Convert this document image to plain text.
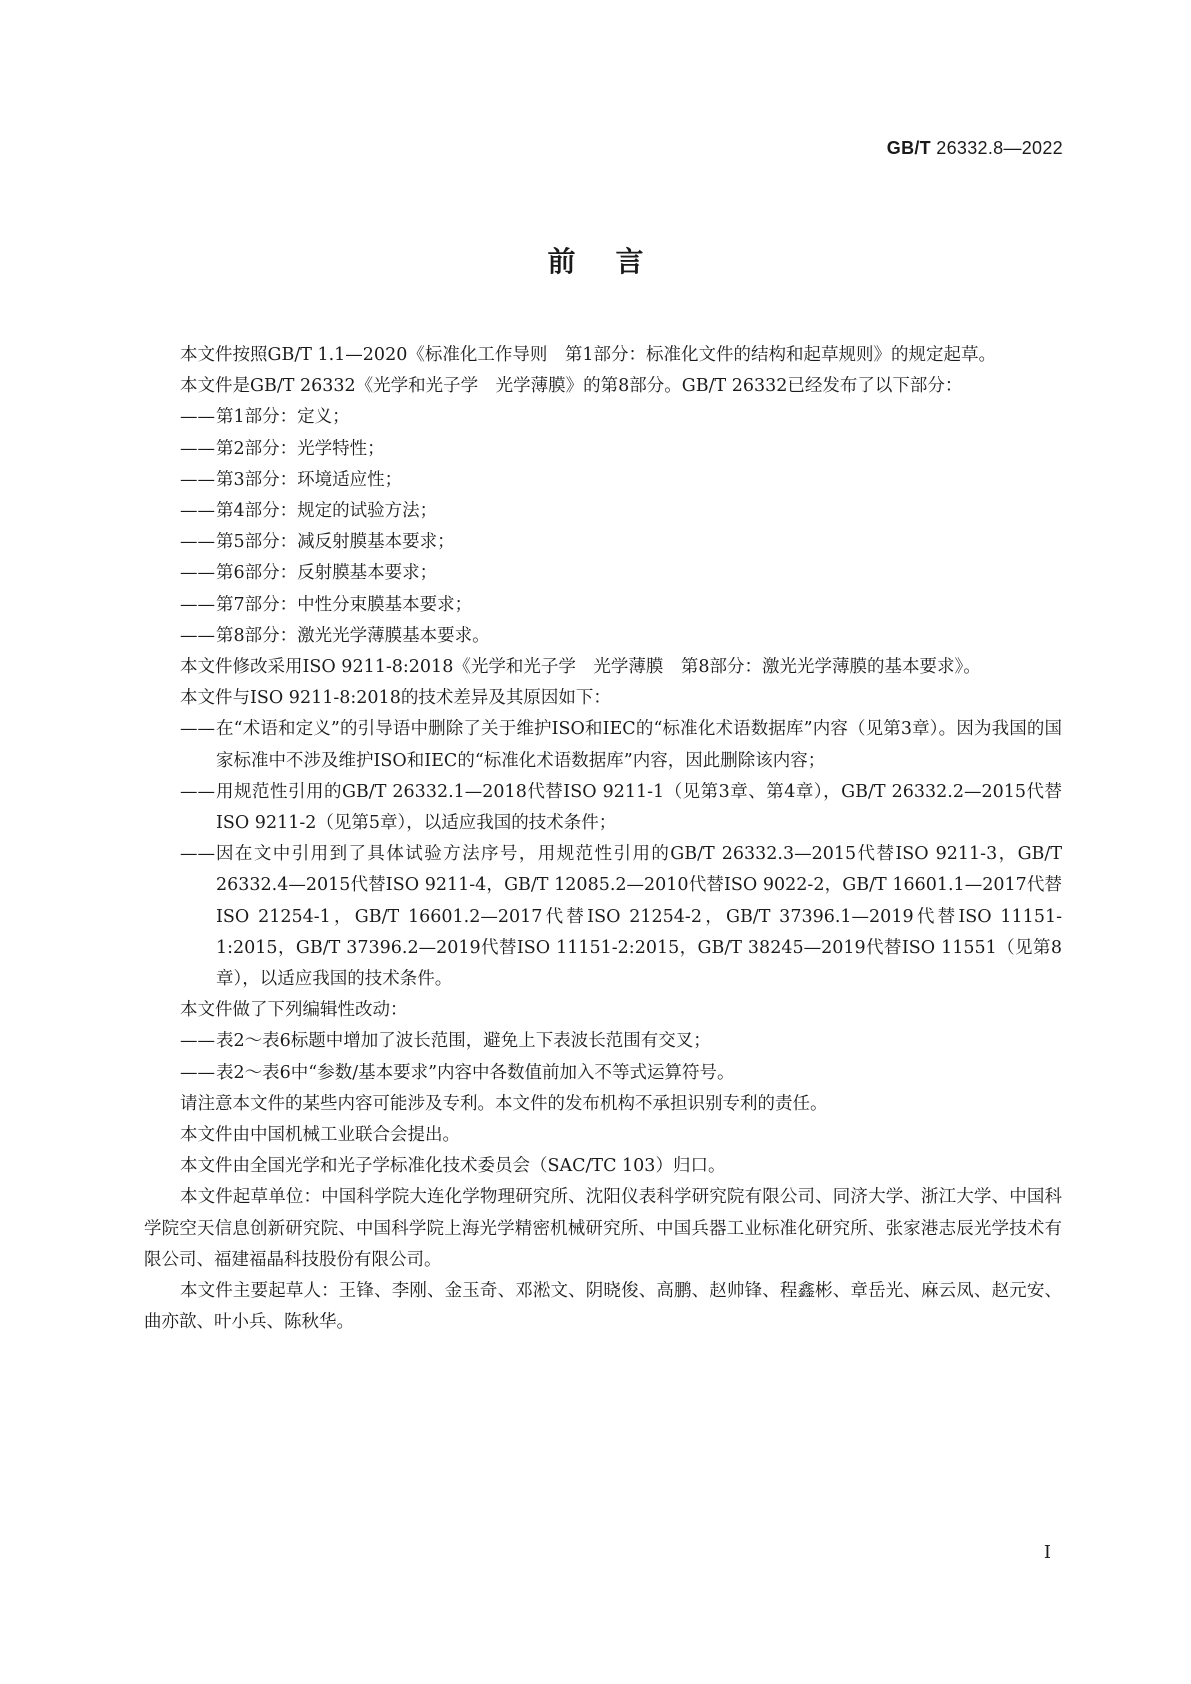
GB/T 26332.8—2022
前言

本文件按照GB/T 1.1—2020《标准化工作导则　第1部分：标准化文件的结构和起草规则》的规定起草。

本文件是GB/T 26332《光学和光子学　光学薄膜》的第8部分。GB/T 26332已经发布了以下部分：

—— 第1部分：定义；

—— 第2部分：光学特性；

—— 第3部分：环境适应性；

—— 第4部分：规定的试验方法；

—— 第5部分：减反射膜基本要求；

—— 第6部分：反射膜基本要求；

—— 第7部分：中性分束膜基本要求；

—— 第8部分：激光光学薄膜基本要求。

本文件修改采用ISO 9211-8:2018《光学和光子学　光学薄膜　第8部分：激光光学薄膜的基本要求》。

本文件与ISO 9211-8:2018的技术差异及其原因如下：

—— 在“术语和定义”的引导语中删除了关于维护ISO和IEC的“标准化术语数据库”内容（见第3章）。因为我国的国家标准中不涉及维护ISO和IEC的“标准化术语数据库”内容，因此删除该内容；

—— 用规范性引用的GB/T 26332.1—2018代替ISO 9211-1（见第3章、第4章），GB/T 26332.2—2015代替ISO 9211-2（见第5章），以适应我国的技术条件；

—— 因在文中引用到了具体试验方法序号，用规范性引用的GB/T 26332.3—2015代替ISO 9211-3，GB/T 26332.4—2015代替ISO 9211-4，GB/T 12085.2—2010代替ISO 9022-2，GB/T 16601.1—2017代替ISO 21254-1，GB/T 16601.2—2017代替ISO 21254-2，GB/T 37396.1—2019代替ISO 11151-1:2015，GB/T 37396.2—2019代替ISO 11151-2:2015，GB/T 38245—2019代替ISO 11551（见第8章），以适应我国的技术条件。

本文件做了下列编辑性改动：

—— 表2～表6标题中增加了波长范围，避免上下表波长范围有交叉；

—— 表2～表6中“参数/基本要求”内容中各数值前加入不等式运算符号。

请注意本文件的某些内容可能涉及专利。本文件的发布机构不承担识别专利的责任。

本文件由中国机械工业联合会提出。

本文件由全国光学和光子学标准化技术委员会（SAC/TC 103）归口。

本文件起草单位：中国科学院大连化学物理研究所、沈阳仪表科学研究院有限公司、同济大学、浙江大学、中国科学院空天信息创新研究院、中国科学院上海光学精密机械研究所、中国兵器工业标准化研究所、张家港志辰光学技术有限公司、福建福晶科技股份有限公司。

本文件主要起草人：王锋、李刚、金玉奇、邓淞文、阴晓俊、高鹏、赵帅锋、程鑫彬、章岳光、麻云凤、赵元安、曲亦歆、叶小兵、陈秋华。

I
